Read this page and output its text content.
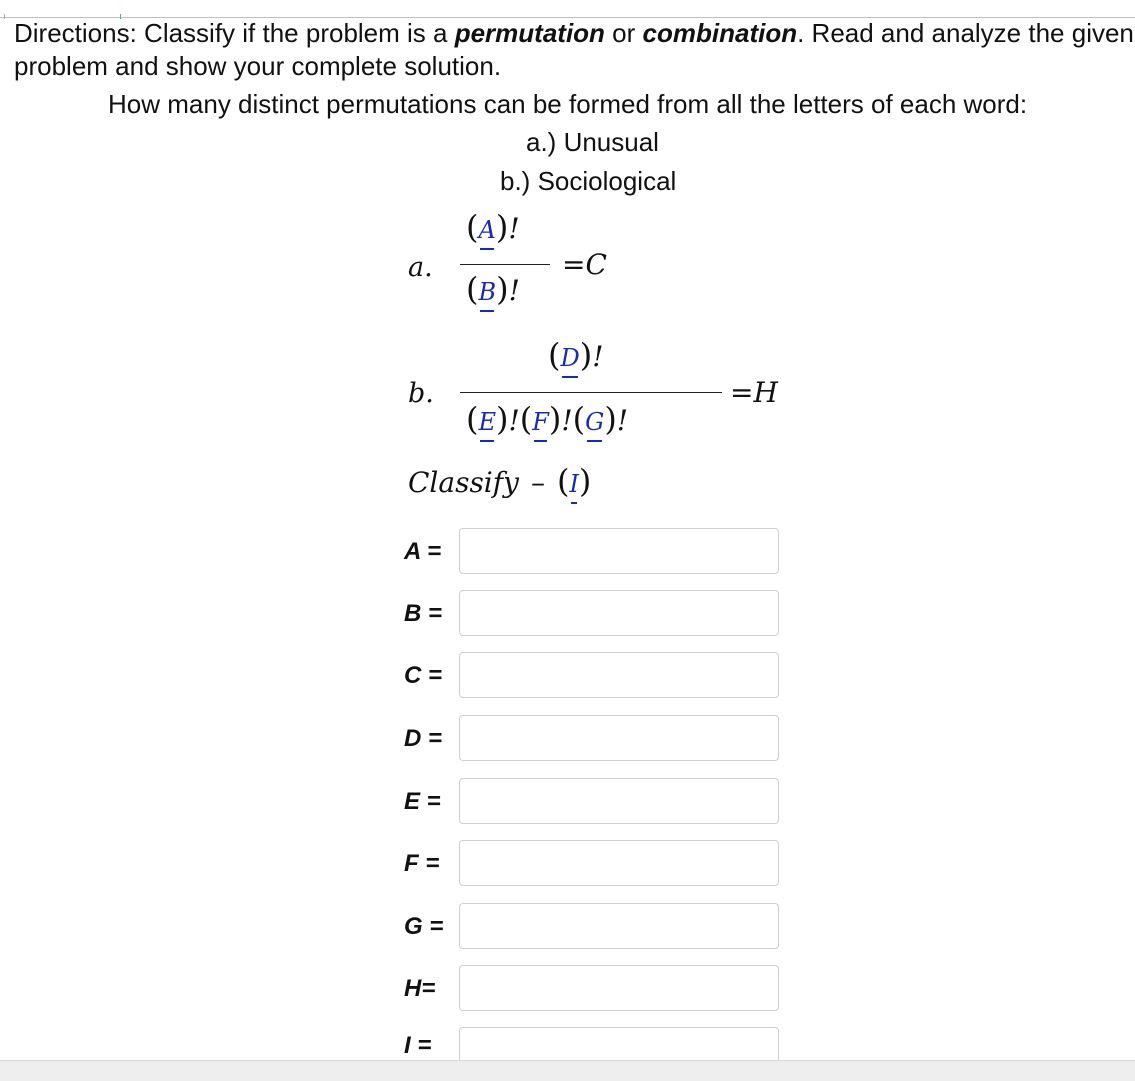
Directions: Classify if the problem is a permutation or combination. Read and analyze the given problem and show your complete solution.
How many distinct permutations can be formed from all the letters of each word:
a.) Unusual
b.) Sociological
a.
(A)!
(B)!
=C
b.
(D)!
(E)!(F)!(G)!
=H
Classify – (I)
A =
B =
C =
D =
E =
F =
G =
H=
I =
